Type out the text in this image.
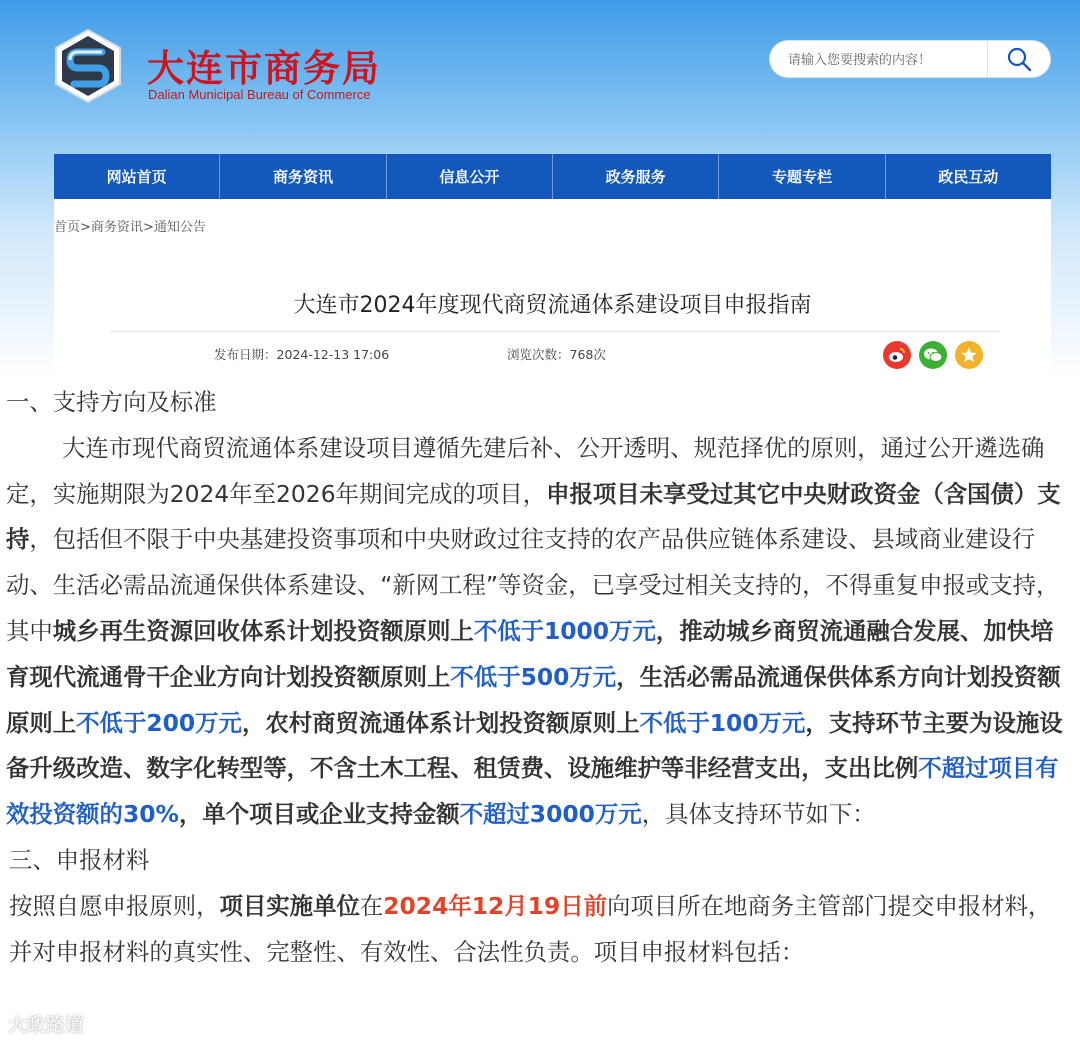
大连市商务局
Dalian Municipal Bureau of Commerce
请输入您要搜索的内容！
网站首页	商务资讯	信息公开	政务服务	专题专栏	政民互动
首页>商务资讯>通知公告
大连市2024年度现代商贸流通体系建设项目申报指南
发布日期：2024-12-13 17:06	浏览次数：768次

一、支持方向及标准

大连市现代商贸流通体系建设项目遵循先建后补、公开透明、规范择优的原则，通过公开遴选确定，实施期限为2024年至2026年期间完成的项目，申报项目未享受过其它中央财政资金（含国债）支持，包括但不限于中央基建投资事项和中央财政过往支持的农产品供应链体系建设、县域商业建设行动、生活必需品流通保供体系建设、“新网工程”等资金，已享受过相关支持的，不得重复申报或支持，其中城乡再生资源回收体系计划投资额原则上不低于1000万元，推动城乡商贸流通融合发展、加快培育现代流通骨干企业方向计划投资额原则上不低于500万元，生活必需品流通保供体系方向计划投资额原则上不低于200万元，农村商贸流通体系计划投资额原则上不低于100万元，支持环节主要为设施设备升级改造、数字化转型等，不含土木工程、租赁费、设施维护等非经营支出，支出比例不超过项目有效投资额的30%，单个项目或企业支持金额不超过3000万元，具体支持环节如下：

三、申报材料

按照自愿申报原则，项目实施单位在2024年12月19日前向项目所在地商务主管部门提交申报材料，并对申报材料的真实性、完整性、有效性、合法性负责。项目申报材料包括：

大政路道
